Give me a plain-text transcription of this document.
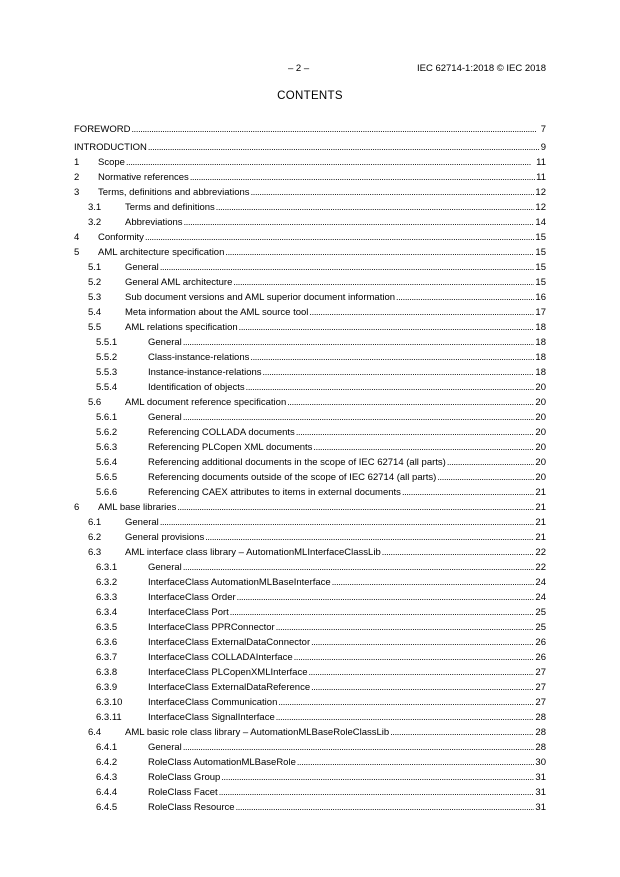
– 2 –	IEC 62714-1:2018 © IEC 2018
CONTENTS
FOREWORD . . .	7
INTRODUCTION . . .	9
1	Scope . . .	11
2	Normative references . . .	11
3	Terms, definitions and abbreviations . . .	12
3.1	Terms and definitions . . .	12
3.2	Abbreviations . . .	14
4	Conformity . . .	15
5	AML architecture specification . . .	15
5.1	General . . .	15
5.2	General AML architecture . . .	15
5.3	Sub document versions and AML superior document information . . .	16
5.4	Meta information about the AML source tool . . .	17
5.5	AML relations specification . . .	18
5.5.1	General . . .	18
5.5.2	Class-instance-relations . . .	18
5.5.3	Instance-instance-relations . . .	18
5.5.4	Identification of objects . . .	20
5.6	AML document reference specification . . .	20
5.6.1	General . . .	20
5.6.2	Referencing COLLADA documents . . .	20
5.6.3	Referencing PLCopen XML documents . . .	20
5.6.4	Referencing additional documents in the scope of IEC 62714 (all parts) . . .	20
5.6.5	Referencing documents outside of the scope of IEC 62714 (all parts) . . .	20
5.6.6	Referencing CAEX attributes to items in external documents . . .	21
6	AML base libraries . . .	21
6.1	General . . .	21
6.2	General provisions . . .	21
6.3	AML interface class library – AutomationMLInterfaceClassLib . . .	22
6.3.1	General . . .	22
6.3.2	InterfaceClass AutomationMLBaseInterface . . .	24
6.3.3	InterfaceClass Order . . .	24
6.3.4	InterfaceClass Port . . .	25
6.3.5	InterfaceClass PPRConnector . . .	25
6.3.6	InterfaceClass ExternalDataConnector . . .	26
6.3.7	InterfaceClass COLLADAInterface . . .	26
6.3.8	InterfaceClass PLCopenXMLInterface . . .	27
6.3.9	InterfaceClass ExternalDataReference . . .	27
6.3.10	InterfaceClass Communication . . .	27
6.3.11	InterfaceClass SignalInterface . . .	28
6.4	AML basic role class library – AutomationMLBaseRoleClassLib . . .	28
6.4.1	General . . .	28
6.4.2	RoleClass AutomationMLBaseRole . . .	30
6.4.3	RoleClass Group . . .	31
6.4.4	RoleClass Facet . . .	31
6.4.5	RoleClass Resource . . .	31
